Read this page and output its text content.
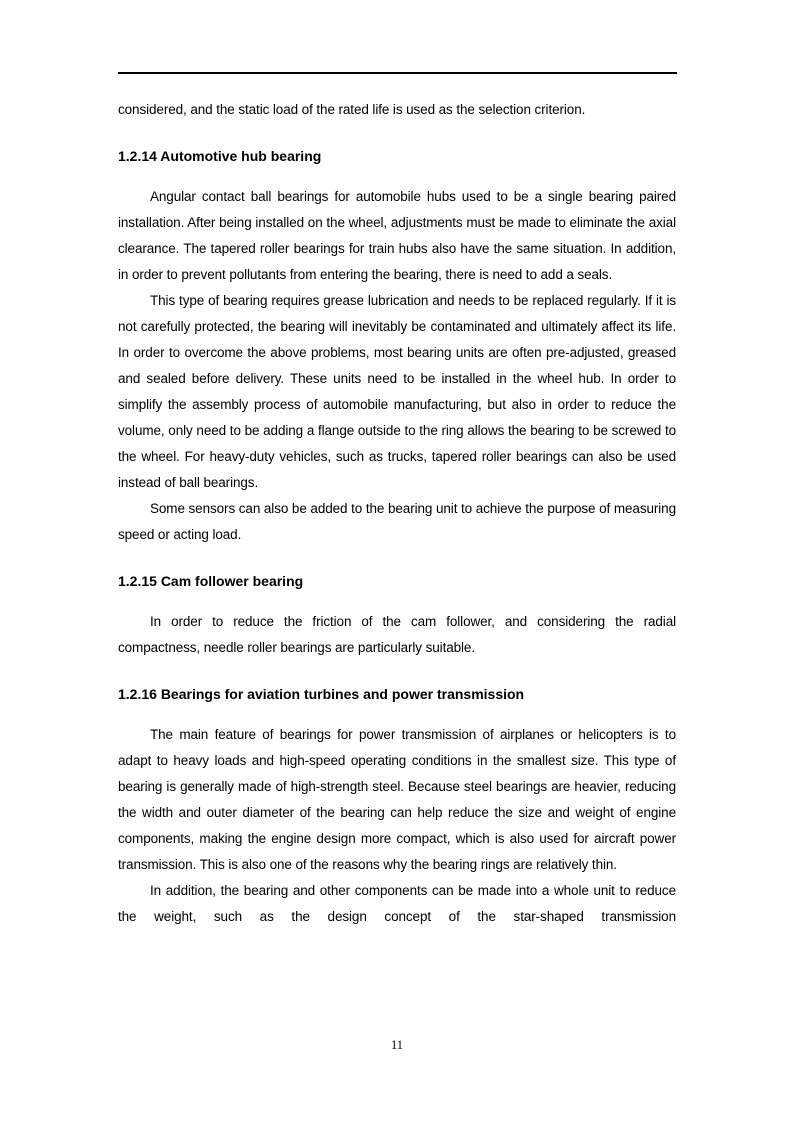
considered, and the static load of the rated life is used as the selection criterion.

1.2.14 Automotive hub bearing

Angular contact ball bearings for automobile hubs used to be a single bearing paired installation. After being installed on the wheel, adjustments must be made to eliminate the axial clearance. The tapered roller bearings for train hubs also have the same situation. In addition, in order to prevent pollutants from entering the bearing, there is need to add a seals.

This type of bearing requires grease lubrication and needs to be replaced regularly. If it is not carefully protected, the bearing will inevitably be contaminated and ultimately affect its life. In order to overcome the above problems, most bearing units are often pre-adjusted, greased and sealed before delivery. These units need to be installed in the wheel hub. In order to simplify the assembly process of automobile manufacturing, but also in order to reduce the volume, only need to be adding a flange outside to the ring allows the bearing to be screwed to the wheel. For heavy-duty vehicles, such as trucks, tapered roller bearings can also be used instead of ball bearings.

Some sensors can also be added to the bearing unit to achieve the purpose of measuring speed or acting load.

1.2.15 Cam follower bearing

In order to reduce the friction of the cam follower, and considering the radial compactness, needle roller bearings are particularly suitable.

1.2.16 Bearings for aviation turbines and power transmission

The main feature of bearings for power transmission of airplanes or helicopters is to adapt to heavy loads and high-speed operating conditions in the smallest size. This type of bearing is generally made of high-strength steel. Because steel bearings are heavier, reducing the width and outer diameter of the bearing can help reduce the size and weight of engine components, making the engine design more compact, which is also used for aircraft power transmission. This is also one of the reasons why the bearing rings are relatively thin.

In addition, the bearing and other components can be made into a whole unit to reduce the weight, such as the design concept of the star-shaped transmission

11
